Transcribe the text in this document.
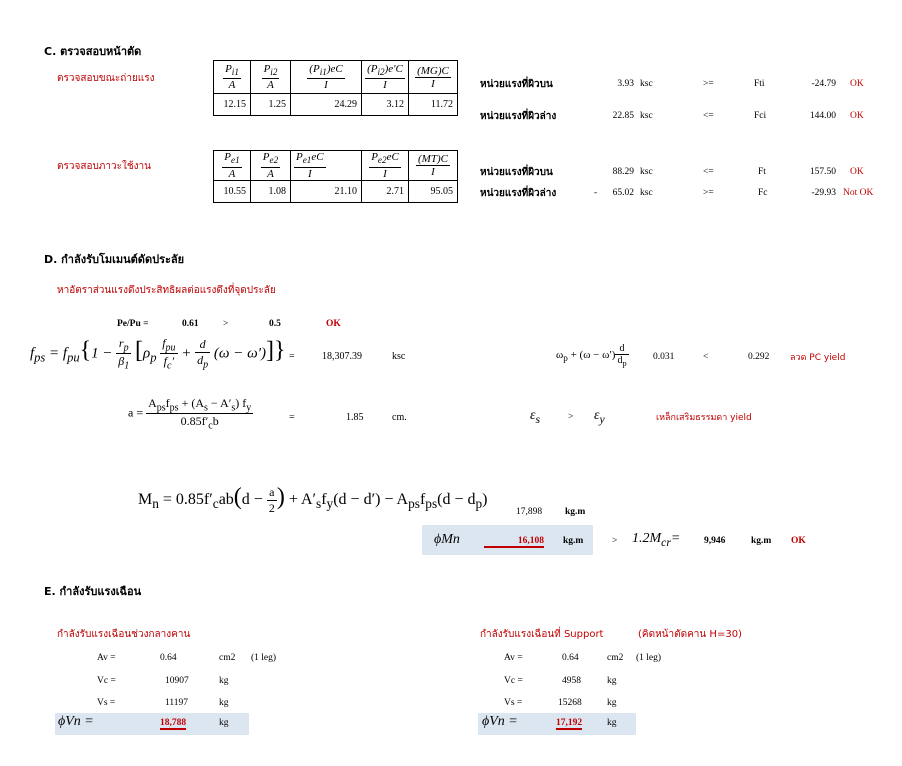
C. ตรวจสอบหน้าตัด
ตรวจสอบขณะถ่ายแรง	$\frac{P_{i1}}{A}$	$\frac{P_{i2}}{A}$	$\frac{(P_{i1})eC}{I}$	$\frac{(P_{i2})e'C}{I}$	$\frac{(MG)C}{I}$

12.15	1.25	24.29	3.12	11.72
หน่วยแรงที่ผิวบน	3.93 ksc	>=	Fti	-24.79 OK
หน่วยแรงที่ผิวล่าง	22.85 ksc	<=	Fci	144.00 OK
ตรวจสอบภาวะใช้งาน	$\frac{P_{e1}}{A}$	$\frac{P_{e2}}{A}$	$\frac{P_{e1}eC}{I}$	$\frac{P_{e2}eC}{I}$	$\frac{(MT)C}{I}$

10.55	1.08	21.10	2.71	95.05
หน่วยแรงที่ผิวบน	88.29 ksc	<=	Ft	157.50 OK
หน่วยแรงที่ผิวล่าง	-	65.02 ksc	>=	Fc	-29.93 Not OK
D. กำลังรับโมเมนต์ดัดประลัย
หาอัตราส่วนแรงดึงประสิทธิผลต่อแรงดึงที่จุดประลัย
Pe/Pu =	0.61	>	0.5	OK
$f_{ps} = f_{pu}\{1 - \frac{r_p}{\beta_1} [\rho_p$
$f_{pu}$
$f_c'$
+ $\frac{d}{d_p} (\omega - \omega')$]} =	18,307.39	ksc	$\omega_p + (\omega - \omega') \frac{d}{d_p}$	0.031	<	0.292 ลวด PC yield
a =
$A_{ps}f_{ps} + (A_s - A'_s)$ $f_y$
$0.85f'_cb$	=	1.85	cm.	$\varepsilon_s$	> $\varepsilon_y$	เหล็กเสริมธรรมดา yield
$M_n = 0.85f'_cab(d - \frac{a}{2}$ ) + $A'_sf_y(d - d') - A_{ps}f_{ps}(d - d_p)$
17,898 kg.m
ϕMn	16,108 kg.m	> $1.2M_{cr}= 9,946$	kg.m OK
E. กำลังรับแรงเฉือน
กำลังรับแรงเฉือนช่วงกลางคาน
Av =	0.64	cm2 (1 leg)
Vc =	10907	kg
Vs =	11197	kg
ϕVn =	18,788	kg
กำลังรับแรงเฉือนที่ Support	(คิดหน้าตัดคาน H=30)
Av =	0.64	cm2 (1 leg)
Vc =	4958	kg
Vs =	15268	kg
ϕVn =	17,192	kg
